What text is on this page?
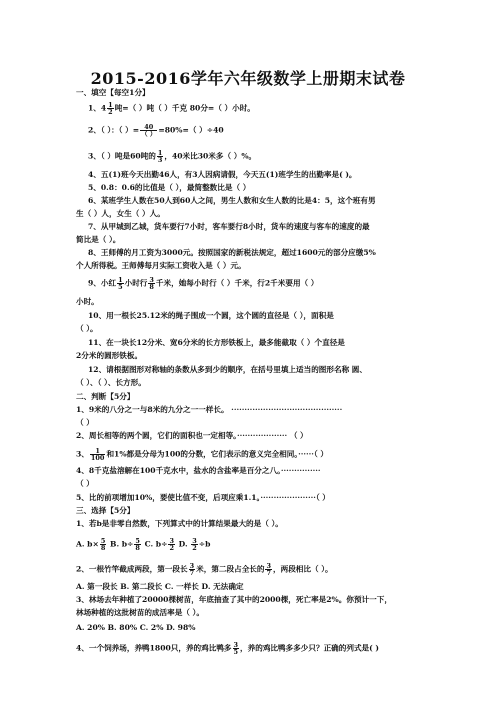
2015-2016学年六年级数学上册期末试卷
一、填空【每空1分】
1、$4 \frac{1}{2}$ 吨=（ ）吨（ ）千克 80分=（ ）小时。
2、（ ）：（ ）= $\frac{40}{( )} =80\%=$（ ）÷40
3、（ ）吨是60吨的 $\frac{1}{3}$ ，40米比30米多（ ）%。
4、五(1)班今天出勤46人，有3人因病请假，今天五(1)班学生的出勤率是( )。
5、0.8：0.6的比值是（ ），最简整数比是（ ）
6、某班学生人数在50人到60人之间，男生人数和女生人数的比是4：5，这个班有男
生（ ）人，女生（ ）人。
7、从甲城到乙城，货车要行7小时，客车要行8小时，货车的速度与客车的速度的最
简比是（ ）。
8、王师傅的月工资为3000元。按照国家的新税法规定，超过1600元的部分应缴5%
个人所得税。王师傅每月实际工资收入是（ ）元。
9、小红 $\frac{1}{5}$ 小时行 $\frac{3}{8}$ 千米，她每小时行（ ）千米，行2千米要用（ ）
小时。
10、用一根长25.12米的绳子围成一个圆，这个圆的直径是（ ），面积是
（ ）。
11、在一块长12分米、宽6分米的长方形铁板上，最多能截取（ ）个直径是
2分米的圆形铁板。
12、请根据图形对称轴的条数从多到少的顺序，在括号里填上适当的图形名称 圆、
（ ）、（ ）、长方形。
二、判断【5分】
1、9米的八分之一与8米的九分之一一样长。 ··········································
（ ）
2、周长相等的两个圆，它们的面积也一定相等。··················· （ ）
3、 $\frac{1}{100}$ 和1%都是分母为100的分数，它们表示的意义完全相同。······（ ）
4、8千克盐溶解在100千克水中，盐水的含盐率是百分之八。···············
（ ）
5、比的前项增加10%，要使比值不变，后项应乘1.1。·····················（ ）
三、选择【5分】
1、若b是非零自然数，下列算式中的计算结果最大的是（ ）。
A. $b\times \frac{5}{8} B$. $b\div \frac{5}{8} C$. $b\div \frac{3}{2} D$. $\frac{3}{2} \div b$
2、一根竹竿截成两段，第一段长 $\frac{3}{7}$ 米，第二段占全长的 $\frac{3}{7}$ ，两段相比（ ）。
A. 第一段长 B. 第二段长 C. 一样长 D. 无法确定
3、林场去年种植了20000棵树苗，年底抽查了其中的2000棵，死亡率是2%。你预计一下，
林场种植的这批树苗的成活率是（ ）。
A. 20% B. 80% C. 2% D. 98%
4、一个饲养场，养鸭1800只，养的鸡比鸭多 $\frac{3}{5}$ ，养的鸡比鸭多多少只？正确的列式是( )
